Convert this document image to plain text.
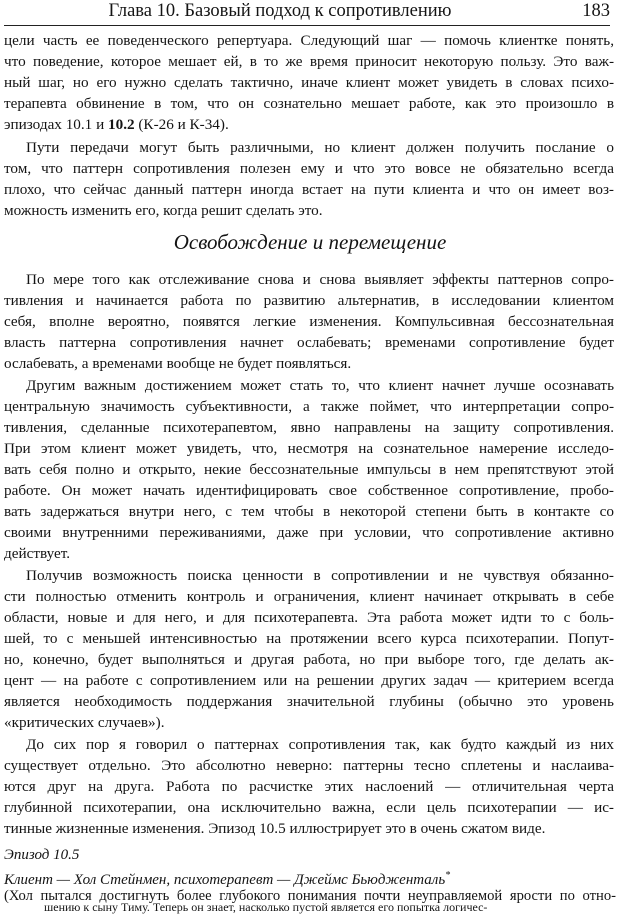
Глава 10. Базовый подход к сопротивлению	183
цели часть ее поведенческого репертуара. Следующий шаг — помочь клиентке понять,
что поведение, которое мешает ей, в то же время приносит некоторую пользу. Это важ-
ный шаг, но его нужно сделать тактично, иначе клиент может увидеть в словах психо-
терапевта обвинение в том, что он сознательно мешает работе, как это произошло в
эпизодах 10.1 и 10.2 (К-26 и К-34).
Пути передачи могут быть различными, но клиент должен получить послание о
том, что паттерн сопротивления полезен ему и что это вовсе не обязательно всегда
плохо, что сейчас данный паттерн иногда встает на пути клиента и что он имеет воз-
можность изменить его, когда решит сделать это.
Освобождение и перемещение
По мере того как отслеживание снова и снова выявляет эффекты паттернов сопро-
тивления и начинается работа по развитию альтернатив, в исследовании клиентом
себя, вполне вероятно, появятся легкие изменения. Компульсивная бессознательная
власть паттерна сопротивления начнет ослабевать; временами сопротивление будет
ослабевать, а временами вообще не будет появляться.
Другим важным достижением может стать то, что клиент начнет лучше осознавать
центральную значимость субъективности, а также поймет, что интерпретации сопро-
тивления, сделанные психотерапевтом, явно направлены на защиту сопротивления.
При этом клиент может увидеть, что, несмотря на сознательное намерение исследо-
вать себя полно и открыто, некие бессознательные импульсы в нем препятствуют этой
работе. Он может начать идентифицировать свое собственное сопротивление, пробо-
вать задержаться внутри него, с тем чтобы в некоторой степени быть в контакте со
своими внутренними переживаниями, даже при условии, что сопротивление активно
действует.
Получив возможность поиска ценности в сопротивлении и не чувствуя обязанно-
сти полностью отменить контроль и ограничения, клиент начинает открывать в себе
области, новые и для него, и для психотерапевта. Эта работа может идти то с боль-
шей, то с меньшей интенсивностью на протяжении всего курса психотерапии. Попут-
но, конечно, будет выполняться и другая работа, но при выборе того, где делать ак-
цент — на работе с сопротивлением или на решении других задач — критерием всегда
является необходимость поддержания значительной глубины (обычно это уровень
«критических случаев»).
До сих пор я говорил о паттернах сопротивления так, как будто каждый из них
существует отдельно. Это абсолютно неверно: паттерны тесно сплетены и наслаива-
ются друг на друга. Работа по расчистке этих наслоений — отличительная черта
глубинной психотерапии, она исключительно важна, если цель психотерапии — ис-
тинные жизненные изменения. Эпизод 10.5 иллюстрирует это в очень сжатом виде.
Эпизод 10.5
Клиент — Хол Стейнмен, психотерапевт — Джеймс Бьюдженталь*
(Хол пытался достигнуть более глубокого понимания почти неуправляемой ярости по отно-
шению к сыну Тиму. Теперь он знает, насколько пустой является его попытка логичес-
